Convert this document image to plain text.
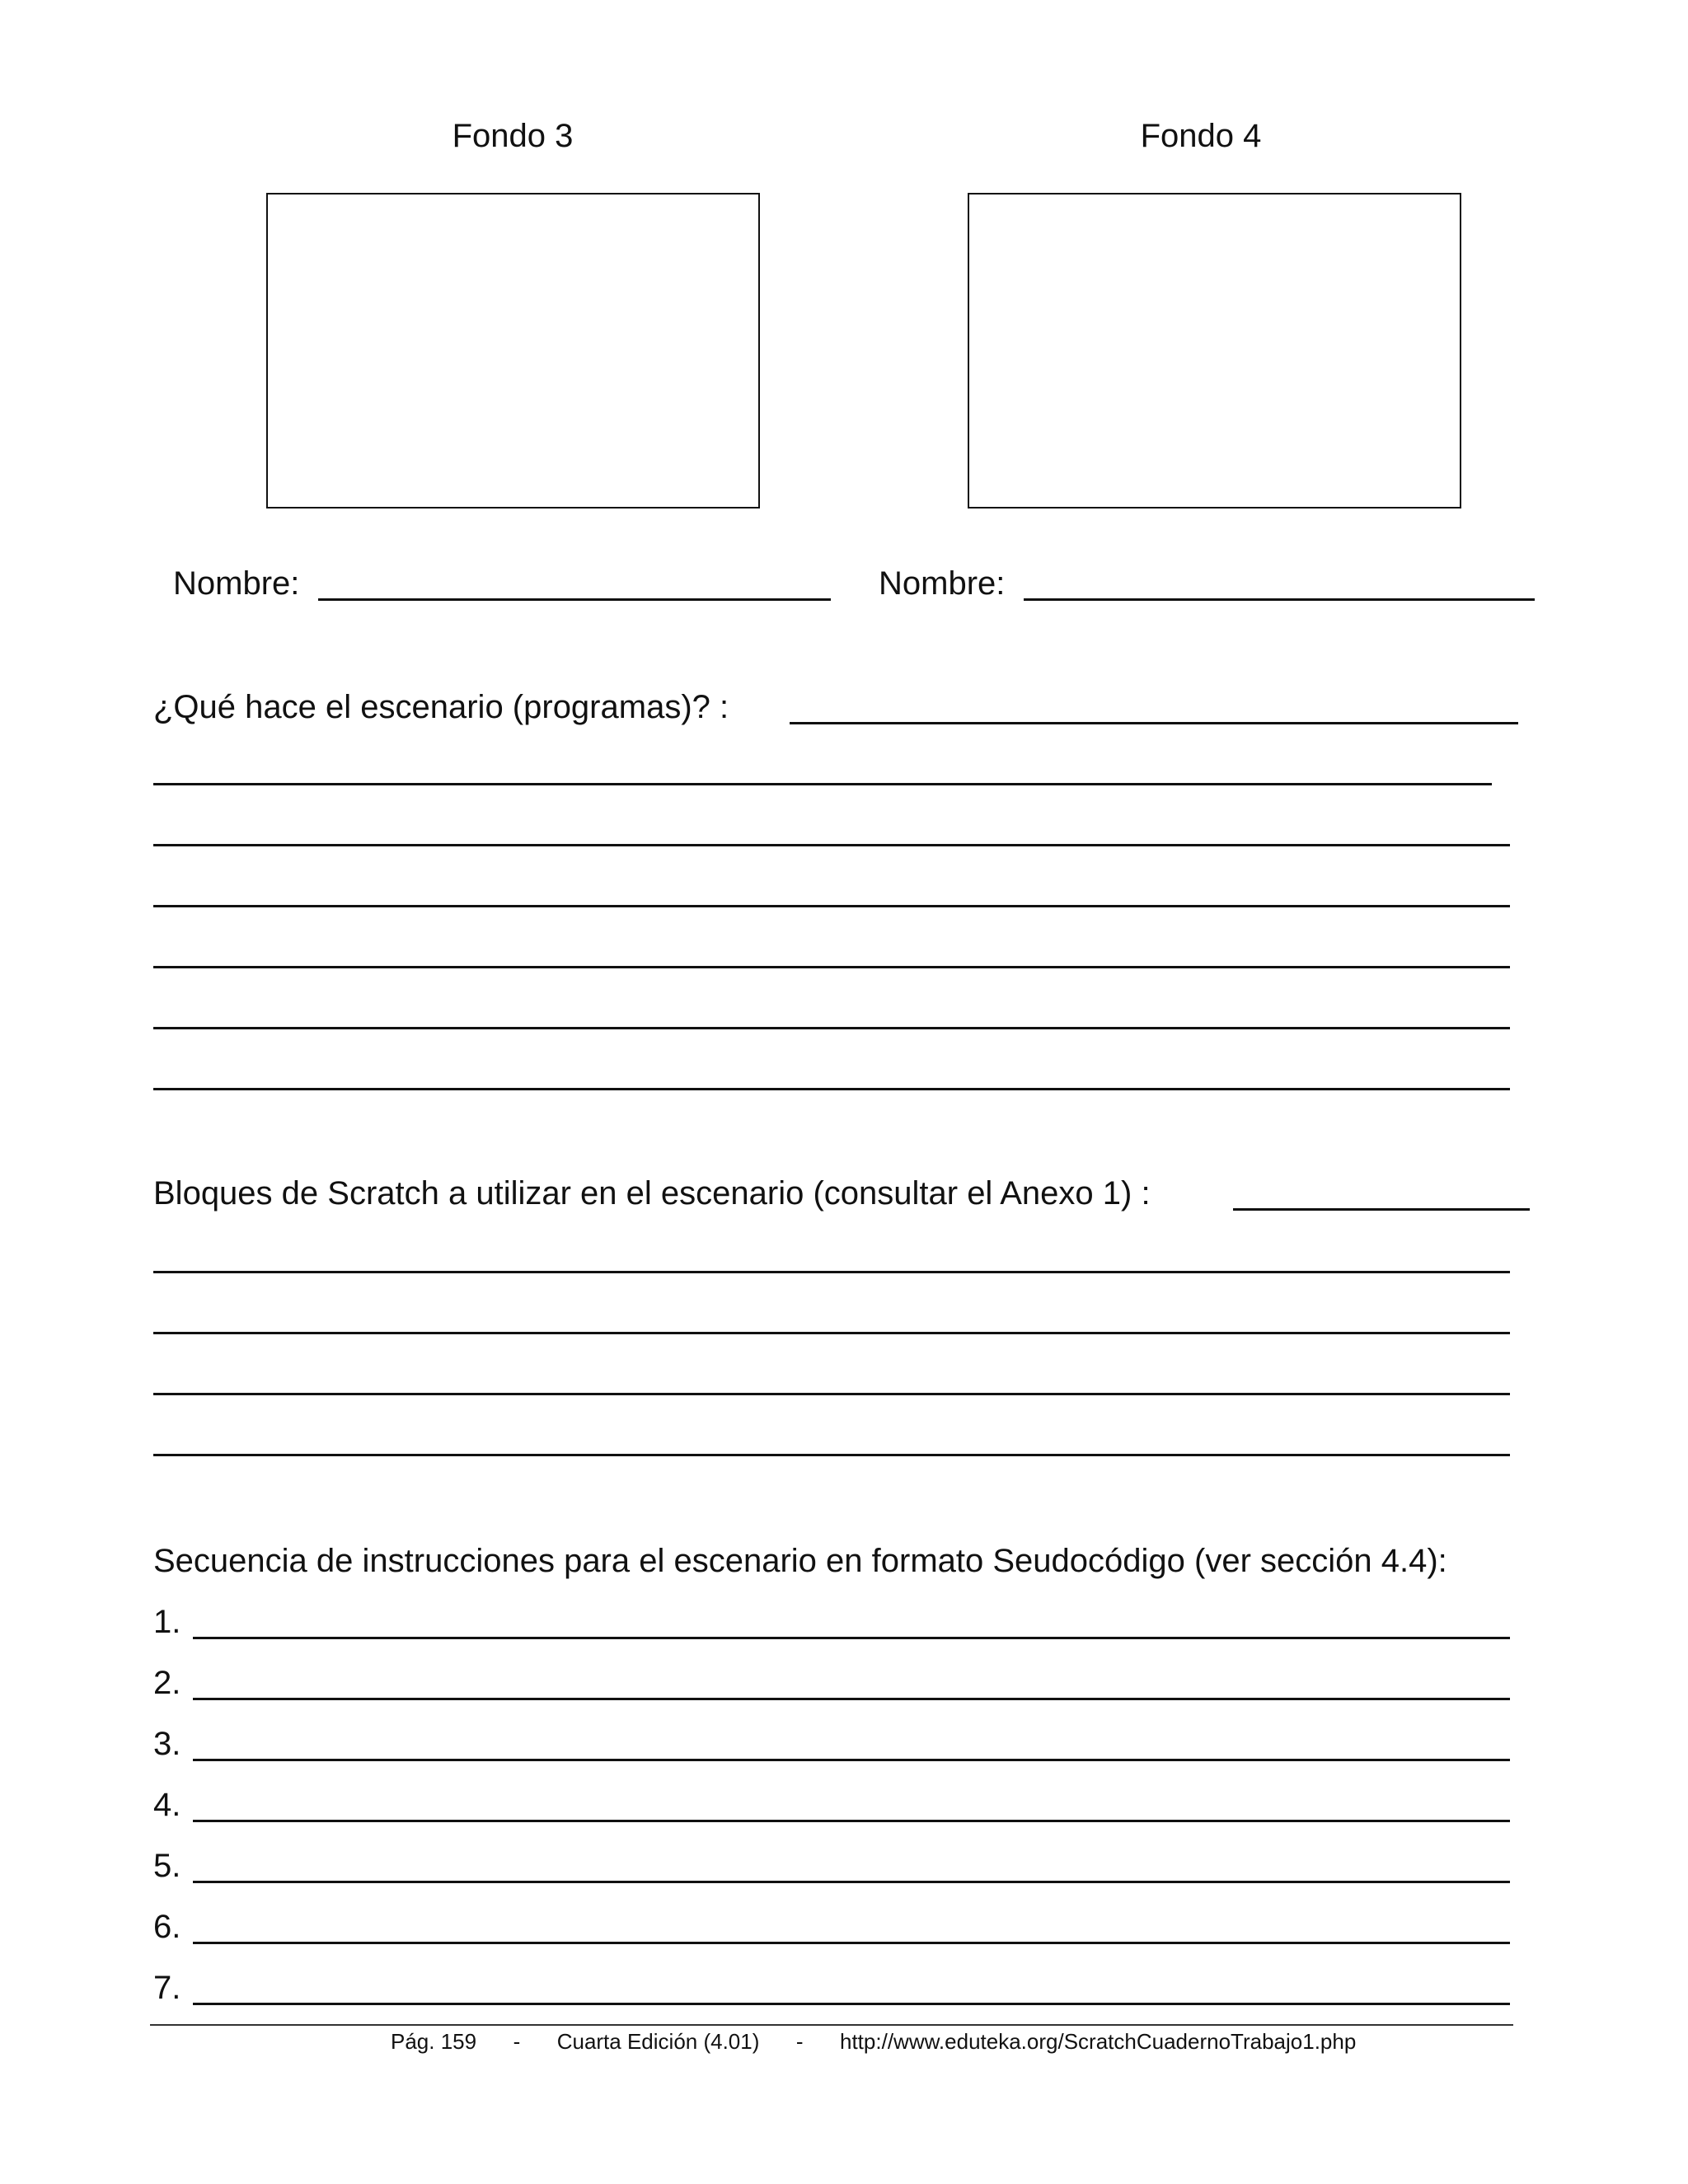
Fondo 3	Fondo 4
Nombre:	Nombre:
¿Qué hace el escenario (programas)? :
Bloques de Scratch a utilizar en el escenario (consultar el Anexo 1) :
Secuencia de instrucciones para el escenario en formato Seudocódigo (ver sección 4.4):
1.
2.
3.
4.
5.
6.
7.
Pág. 159 - Cuarta Edición (4.01) - http://www.eduteka.org/ScratchCuadernoTrabajo1.php
